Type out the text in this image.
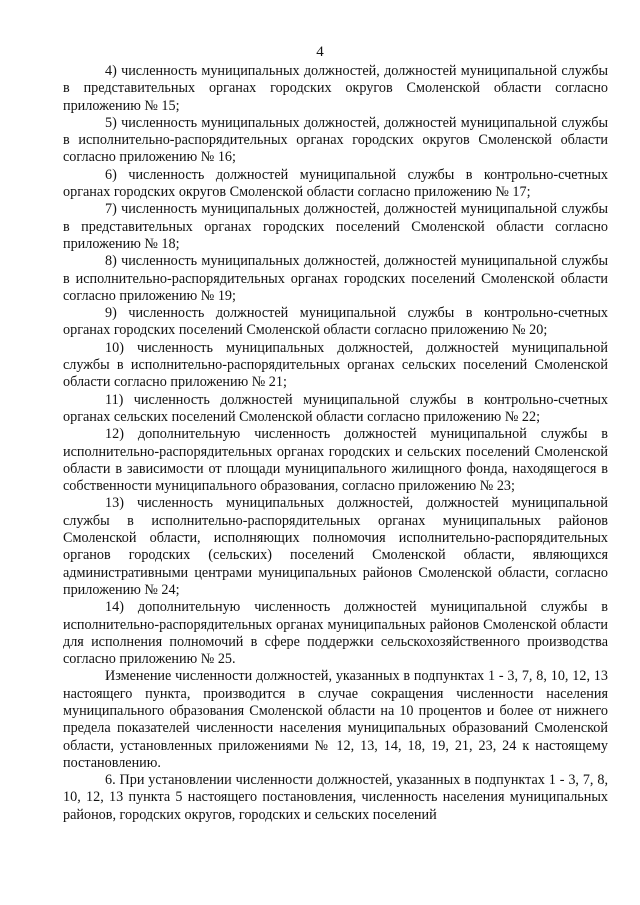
4

4) численность муниципальных должностей, должностей муниципальной службы в представительных органах городских округов Смоленской области согласно приложению № 15;

5) численность муниципальных должностей, должностей муниципальной службы в исполнительно-распорядительных органах городских округов Смоленской области согласно приложению № 16;

6) численность должностей муниципальной службы в контрольно-счетных органах городских округов Смоленской области согласно приложению № 17;

7) численность муниципальных должностей, должностей муниципальной службы в представительных органах городских поселений Смоленской области согласно приложению № 18;

8) численность муниципальных должностей, должностей муниципальной службы в исполнительно-распорядительных органах городских поселений Смоленской области согласно приложению № 19;

9) численность должностей муниципальной службы в контрольно-счетных органах городских поселений Смоленской области согласно приложению № 20;

10) численность муниципальных должностей, должностей муниципальной службы в исполнительно-распорядительных органах сельских поселений Смоленской области согласно приложению № 21;

11) численность должностей муниципальной службы в контрольно-счетных органах сельских поселений Смоленской области согласно приложению № 22;

12) дополнительную численность должностей муниципальной службы в исполнительно-распорядительных органах городских и сельских поселений Смоленской области в зависимости от площади муниципального жилищного фонда, находящегося в собственности муниципального образования, согласно приложению № 23;

13) численность муниципальных должностей, должностей муниципальной службы в исполнительно-распорядительных органах муниципальных районов Смоленской области, исполняющих полномочия исполнительно-распорядительных органов городских (сельских) поселений Смоленской области, являющихся административными центрами муниципальных районов Смоленской области, согласно приложению № 24;

14) дополнительную численность должностей муниципальной службы в исполнительно-распорядительных органах муниципальных районов Смоленской области для исполнения полномочий в сфере поддержки сельскохозяйственного производства согласно приложению № 25.

Изменение численности должностей, указанных в подпунктах 1 - 3, 7, 8, 10, 12, 13 настоящего пункта, производится в случае сокращения численности населения муниципального образования Смоленской области на 10 процентов и более от нижнего предела показателей численности населения муниципальных образований Смоленской области, установленных приложениями № 12, 13, 14, 18, 19, 21, 23, 24 к настоящему постановлению.

6. При установлении численности должностей, указанных в подпунктах 1 - 3, 7, 8, 10, 12, 13 пункта 5 настоящего постановления, численность населения муниципальных районов, городских округов, городских и сельских поселений
